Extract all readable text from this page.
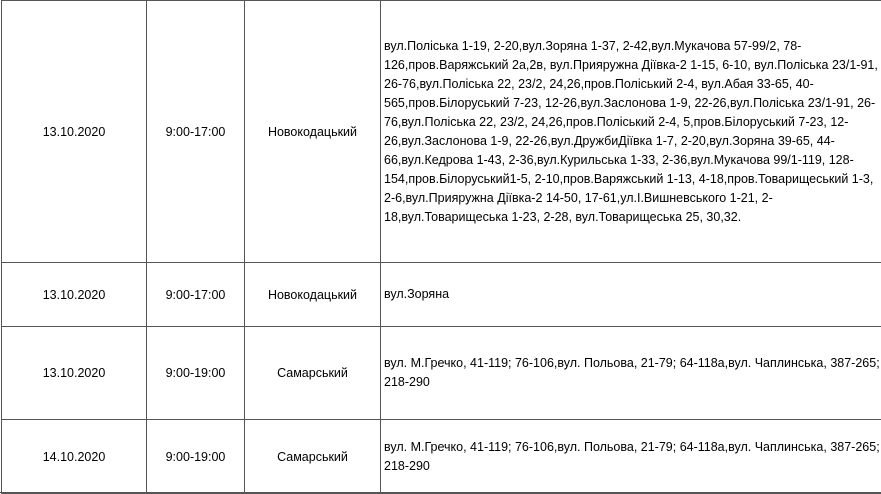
13.10.2020	9:00-17:00	Новокодацький	вул.Поліська 1-19, 2-20,вул.Зоряна 1-37, 2-42,вул.Мукачова 57-99/2, 78-126,пров.Варяжський 2а,2в, вул.Прияружна Дiївка-2 1-15, 6-10, вул.Поліська 23/1-91, 26-76,вул.Поліська 22, 23/2, 24,26,пров.Поліський 2-4, вул.Абая 33-65, 40-565,пров.Білоруський 7-23, 12-26,вул.Заслонова 1-9, 22-26,вул.Поліська 23/1-91, 26-76,вул.Поліська 22, 23/2, 24,26,пров.Поліський 2-4, 5,пров.Білоруський 7-23, 12-26,вул.Заслонова 1-9, 22-26,вул.ДружбиДiївка 1-7, 2-20,вул.Зоряна 39-65, 44-66,вул.Кедрова 1-43, 2-36,вул.Курильська 1-33, 2-36,вул.Мукачова 99/1-119, 128-154,пров.Білоруський1-5, 2-10,пров.Варяжський 1-13, 4-18,пров.Товарищеський 1-3, 2-6,вул.Прияружна Дiївка-2 14-50, 17-61,ул.І.Вишневського 1-21, 2-18,вул.Товарищеська 1-23, 2-28, вул.Товарищеська 25, 30,32.
13.10.2020	9:00-17:00	Новокодацький	вул.Зоряна
13.10.2020	9:00-19:00	Самарський	вул. М.Гречко, 41-119; 76-106,вул. Польова, 21-79; 64-118а,вул. Чаплинська, 387-265; 218-290
14.10.2020	9:00-19:00	Самарський	вул. М.Гречко, 41-119; 76-106,вул. Польова, 21-79; 64-118а,вул. Чаплинська, 387-265; 218-290
